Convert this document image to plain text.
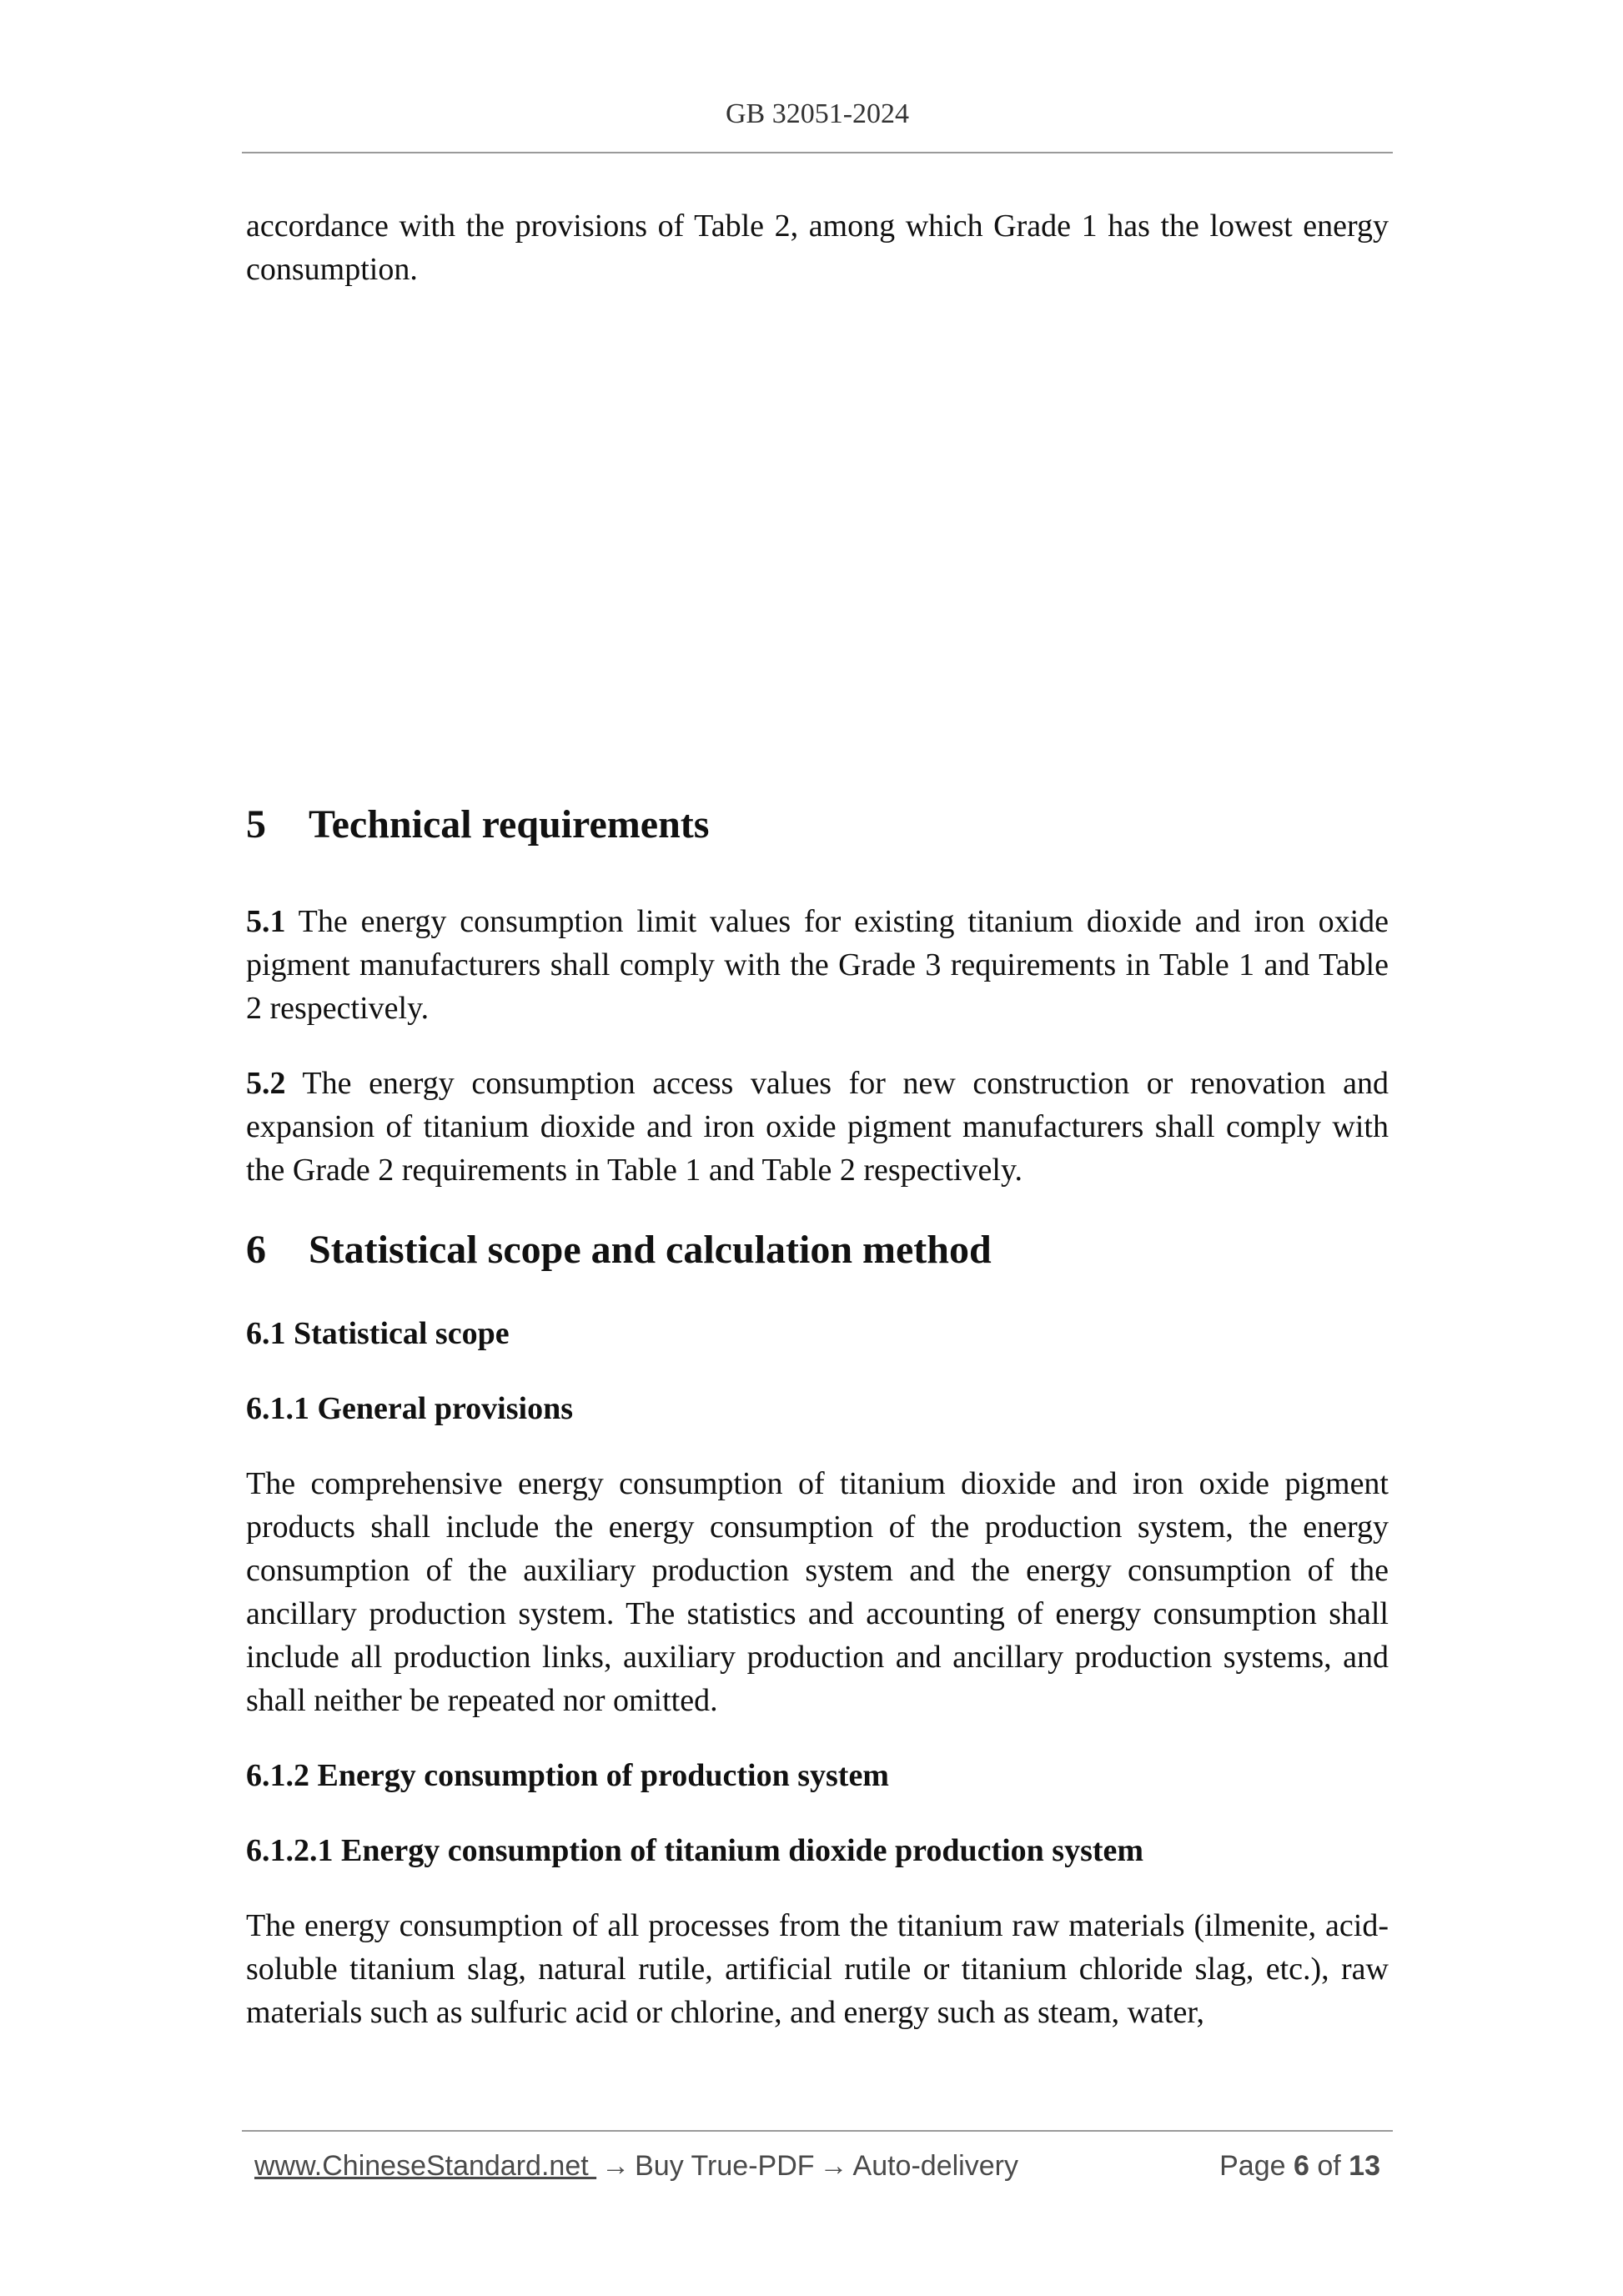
GB 32051-2024

accordance with the provisions of Table 2, among which Grade 1 has the lowest energy consumption.

5 Technical requirements

5.1 The energy consumption limit values for existing titanium dioxide and iron oxide pigment manufacturers shall comply with the Grade 3 requirements in Table 1 and Table 2 respectively.

5.2 The energy consumption access values for new construction or renovation and expansion of titanium dioxide and iron oxide pigment manufacturers shall comply with the Grade 2 requirements in Table 1 and Table 2 respectively.

6 Statistical scope and calculation method
6.1 Statistical scope
6.1.1 General provisions

The comprehensive energy consumption of titanium dioxide and iron oxide pigment products shall include the energy consumption of the production system, the energy consumption of the auxiliary production system and the energy consumption of the ancillary production system. The statistics and accounting of energy consumption shall include all production links, auxiliary production and ancillary production systems, and shall neither be repeated nor omitted.

6.1.2 Energy consumption of production system
6.1.2.1 Energy consumption of titanium dioxide production system

The energy consumption of all processes from the titanium raw materials (ilmenite, acid-soluble titanium slag, natural rutile, artificial rutile or titanium chloride slag, etc.), raw materials such as sulfuric acid or chlorine, and energy such as steam, water,

www.ChineseStandard.net → Buy True-PDF → Auto-delivery	Page 6 of 13
